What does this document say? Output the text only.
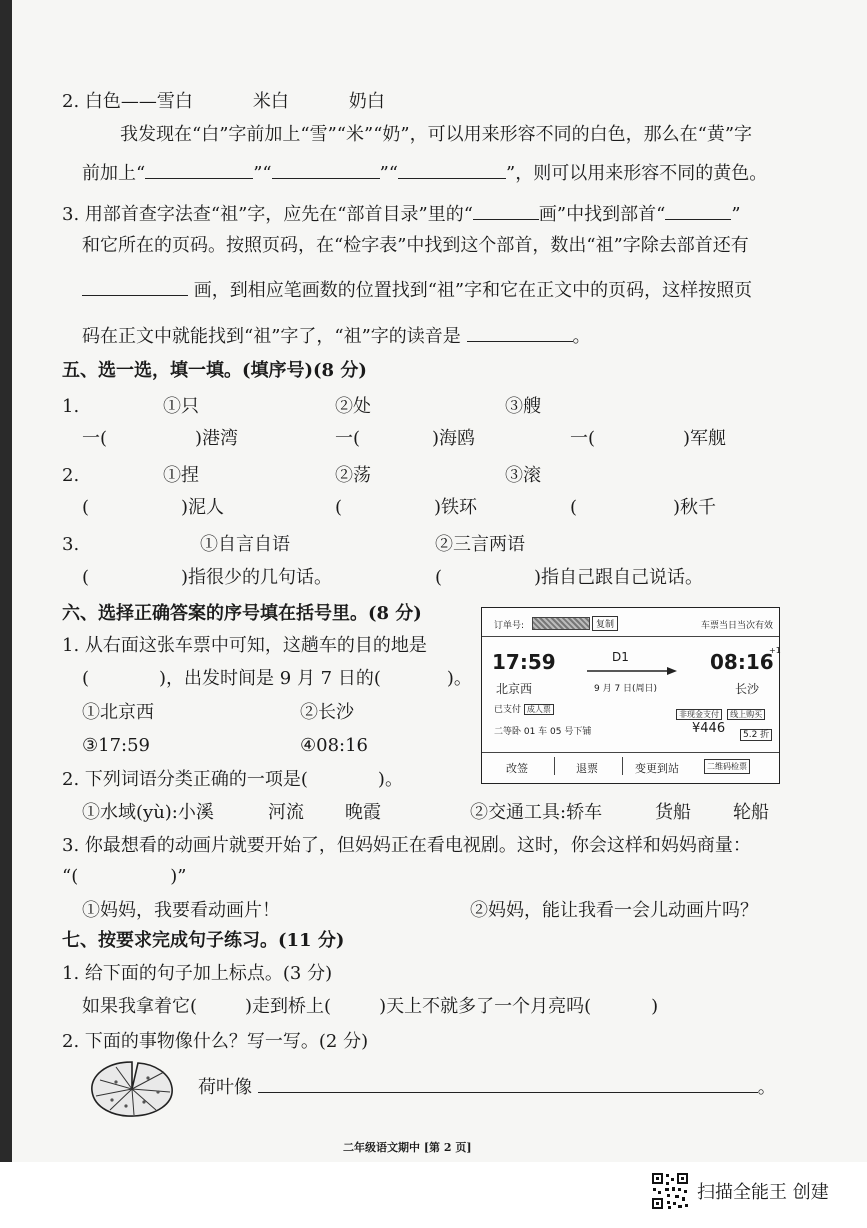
2. 白色——雪白	米白	奶白
我发现在“白”字前加上“雪”“米”“奶”，可以用来形容不同的白色，那么在“黄”字
前加上“	”“	”“	”，则可以用来形容不同的黄色。
3. 用部首查字法查“祖”字，应先在“部首目录”里的“	画”中找到部首“	”
和它所在的页码。按照页码，在“检字表”中找到这个部首，数出“祖”字除去部首还有
画，到相应笔画数的位置找到“祖”字和它在正文中的页码，这样按照页
码在正文中就能找到“祖”字了，“祖”字的读音是	。
五、选一选，填一填。(填序号)(8 分)
1.	①只	②处	③艘
一(	)港湾	一(	)海鸥	一(	)军舰
2.	①捏	②荡	③滚
(	)泥人	(	)铁环	(	)秋千
3.	①自言自语	②三言两语
(	)指很少的几句话。	(	)指自己跟自己说话。
六、选择正确答案的序号填在括号里。(8 分)
1. 从右面这张车票中可知，这趟车的目的地是
(	)，出发时间是 9 月 7 日的(	)。
①北京西	②长沙
③17:59	④08:16
订单号:	复制	车票当日当次有效
17:59	D1	08:16
+1
北京西	9 月 7 日(周日)	长沙
已支付 成人票
非现金支付 线上购买
二等卧 01 车 05 号下铺	¥446	5.2 折
改签	退票	变更到站	二维码检票
2. 下列词语分类正确的一项是(	)。
①水域(yù):小溪	河流 晚霞	②交通工具:轿车	货船 轮船
3. 你最想看的动画片就要开始了，但妈妈正在看电视剧。这时，你会这样和妈妈商量：
“(	)”
①妈妈，我要看动画片！	②妈妈，能让我看一会儿动画片吗？
七、按要求完成句子练习。(11 分)
1. 给下面的句子加上标点。(3 分)
如果我拿着它(	)走到桥上(	)天上不就多了一个月亮吗(	)
2. 下面的事物像什么？写一写。(2 分)
荷叶像	。
二年级语文期中 [第 2 页]
扫描全能王 创建
